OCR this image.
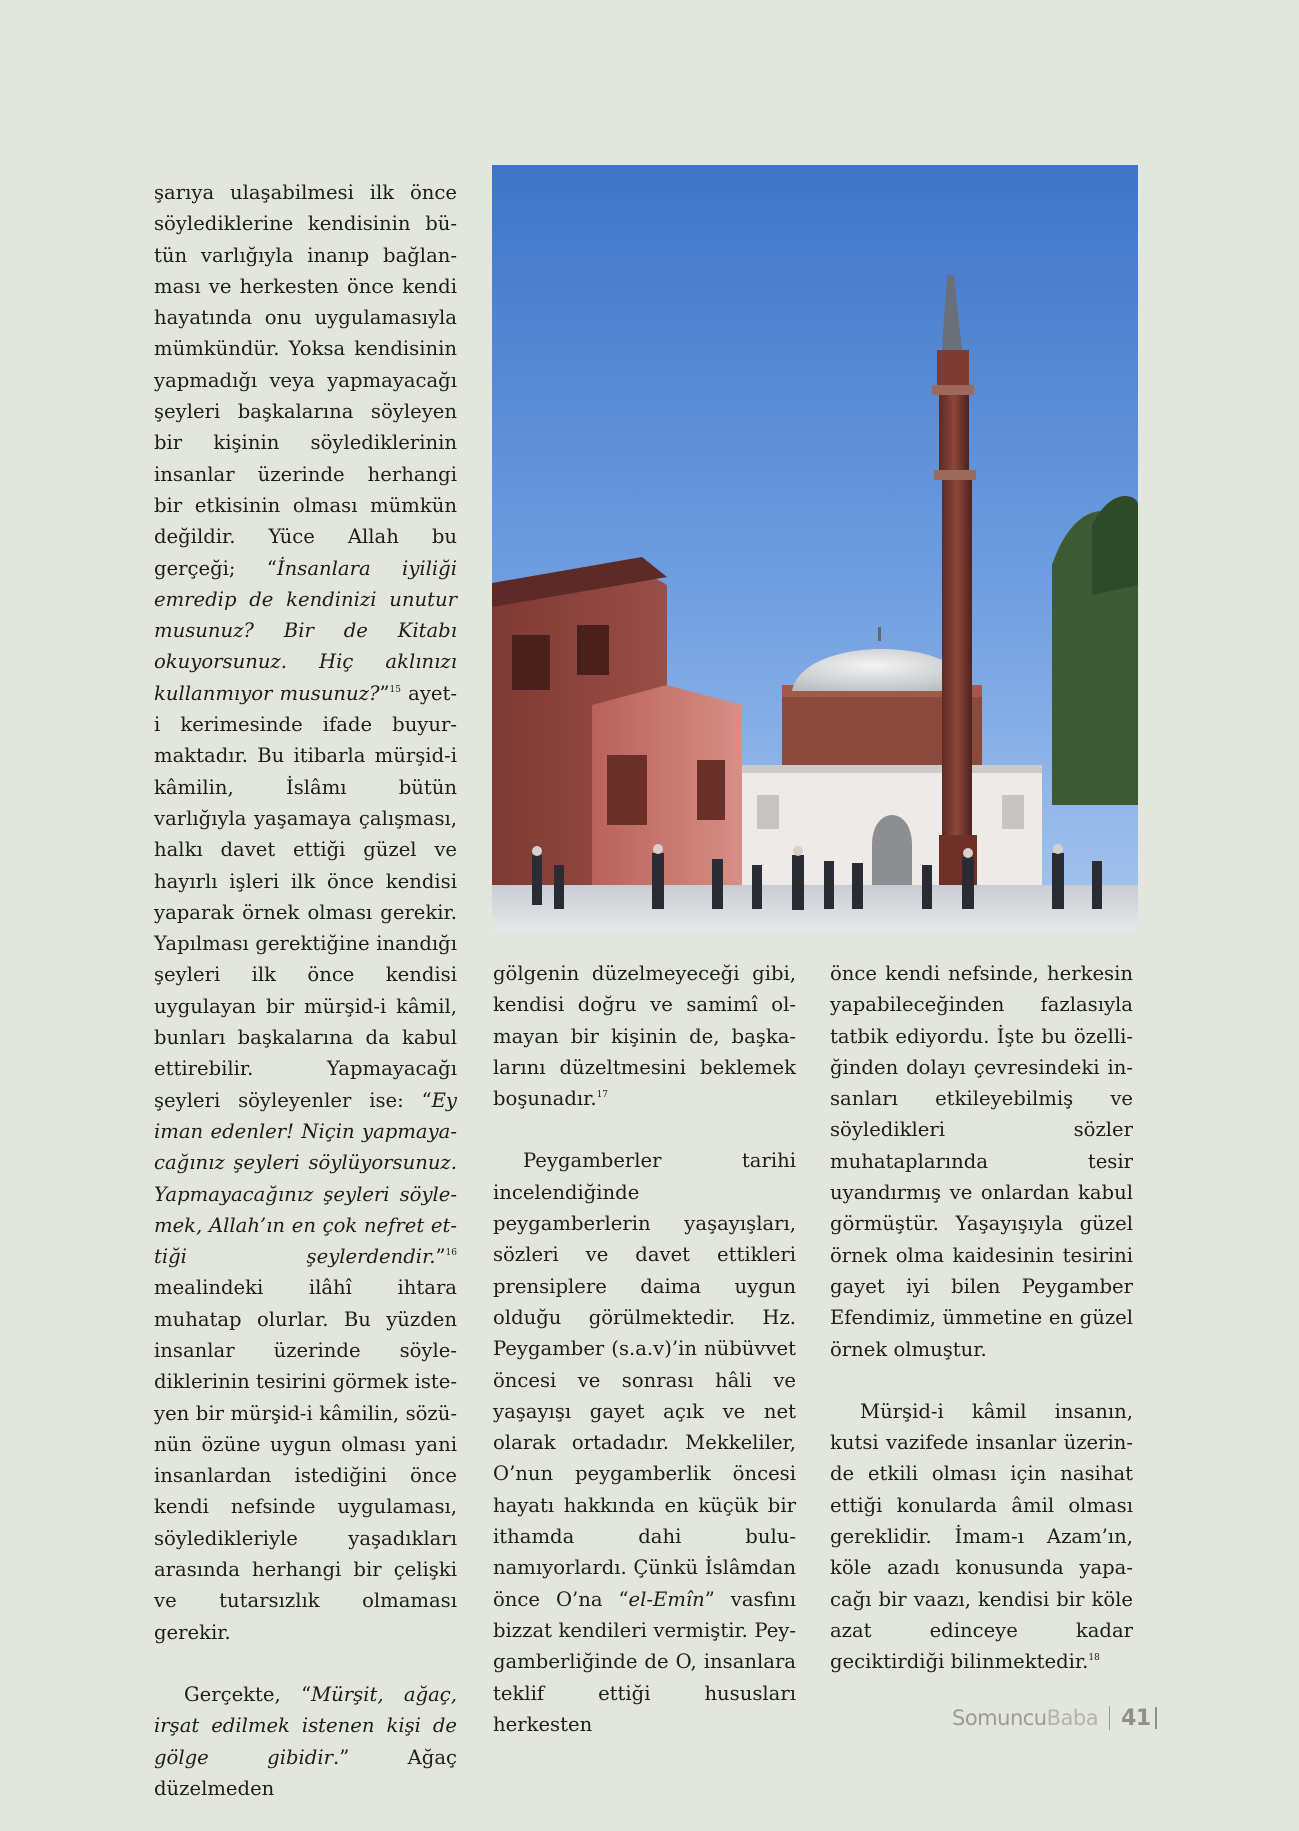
şarıya ulaşabilmesi ilk önce söylediklerine kendisinin bütün varlığıyla inanıp bağlanması ve herkesten önce kendi hayatında onu uygulamasıyla mümkündür. Yoksa kendisinin yapmadığı veya yapmayacağı şeyleri başkalarına söyleyen bir kişinin söylediklerinin insanlar üzerinde herhangi bir etkisinin olması mümkün değildir. Yüce Allah bu gerçeği; “İnsanlara iyiliği emredip de kendinizi unutur musunuz? Bir de Kitabı okuyorsunuz. Hiç aklınızı kullanmıyor musunuz?”$^{15}$ ayet-i kerimesinde ifade buyurmaktadır. Bu itibarla mürşid-i kâmilin, İslâmı bütün varlığıyla yaşamaya çalışması, halkı davet ettiği güzel ve hayırlı işleri ilk önce kendisi yaparak örnek olması gerekir. Yapılması gerektiğine inandığı şeyleri ilk önce kendisi uygulayan bir mürşid-i kâmil, bunları başkalarına da kabul ettirebilir. Yapmayacağı şeyleri söyleyenler ise: “Ey iman edenler! Niçin yapmayacağınız şeyleri söylüyorsunuz. Yapmayacağınız şeyleri söylemek, Allah’ın en çok nefret ettiği şeylerdendir.”$^{16}$ mealindeki ilâhî ihtara muhatap olurlar. Bu yüzden insanlar üzerinde söylediklerinin tesirini görmek isteyen bir mürşid-i kâmilin, sözünün özüne uygun olması yani insanlardan istediğini önce kendi nefsinde uygulaması, söyledikleriyle yaşadıkları arasında herhangi bir çelişki ve tutarsızlık olmaması gerekir.

Gerçekte, “Mürşit, ağaç, irşat edilmek istenen kişi de gölge gibidir.” Ağaç düzelmeden

gölgenin düzelmeyeceği gibi, kendisi doğru ve samimî olmayan bir kişinin de, başkalarını düzeltmesini beklemek boşunadır.$^{17}$

Peygamberler tarihi incelendiğinde peygamberlerin yaşayışları, sözleri ve davet ettikleri prensiplere daima uygun olduğu görülmektedir. Hz. Peygamber (s.a.v)’in nübüvvet öncesi ve sonrası hâli ve yaşayışı gayet açık ve net olarak ortadadır. Mekkeliler, O’nun peygamberlik öncesi hayatı hakkında en küçük bir ithamda dahi bulunamıyorlardı. Çünkü İslâmdan önce O’na “el-Emîn” vasfını bizzat kendileri vermiştir. Peygamberliğinde de O, insanlara teklif ettiği hususları herkesten

önce kendi nefsinde, herkesin yapabileceğinden fazlasıyla tatbik ediyordu. İşte bu özelliğinden dolayı çevresindeki insanları etkileyebilmiş ve söyledikleri sözler muhataplarında tesir uyandırmış ve onlardan kabul görmüştür. Yaşayışıyla güzel örnek olma kaidesinin tesirini gayet iyi bilen Peygamber Efendimiz, ümmetine en güzel örnek olmuştur.

Mürşid-i kâmil insanın, kutsi vazifede insanlar üzerinde etkili olması için nasihat ettiği konularda âmil olması gereklidir. İmam-ı Azam’ın, köle azadı konusunda yapacağı bir vaazı, kendisi bir köle azat edinceye kadar geciktirdiği bilinmektedir.$^{18}$

Somuncu Baba 41
